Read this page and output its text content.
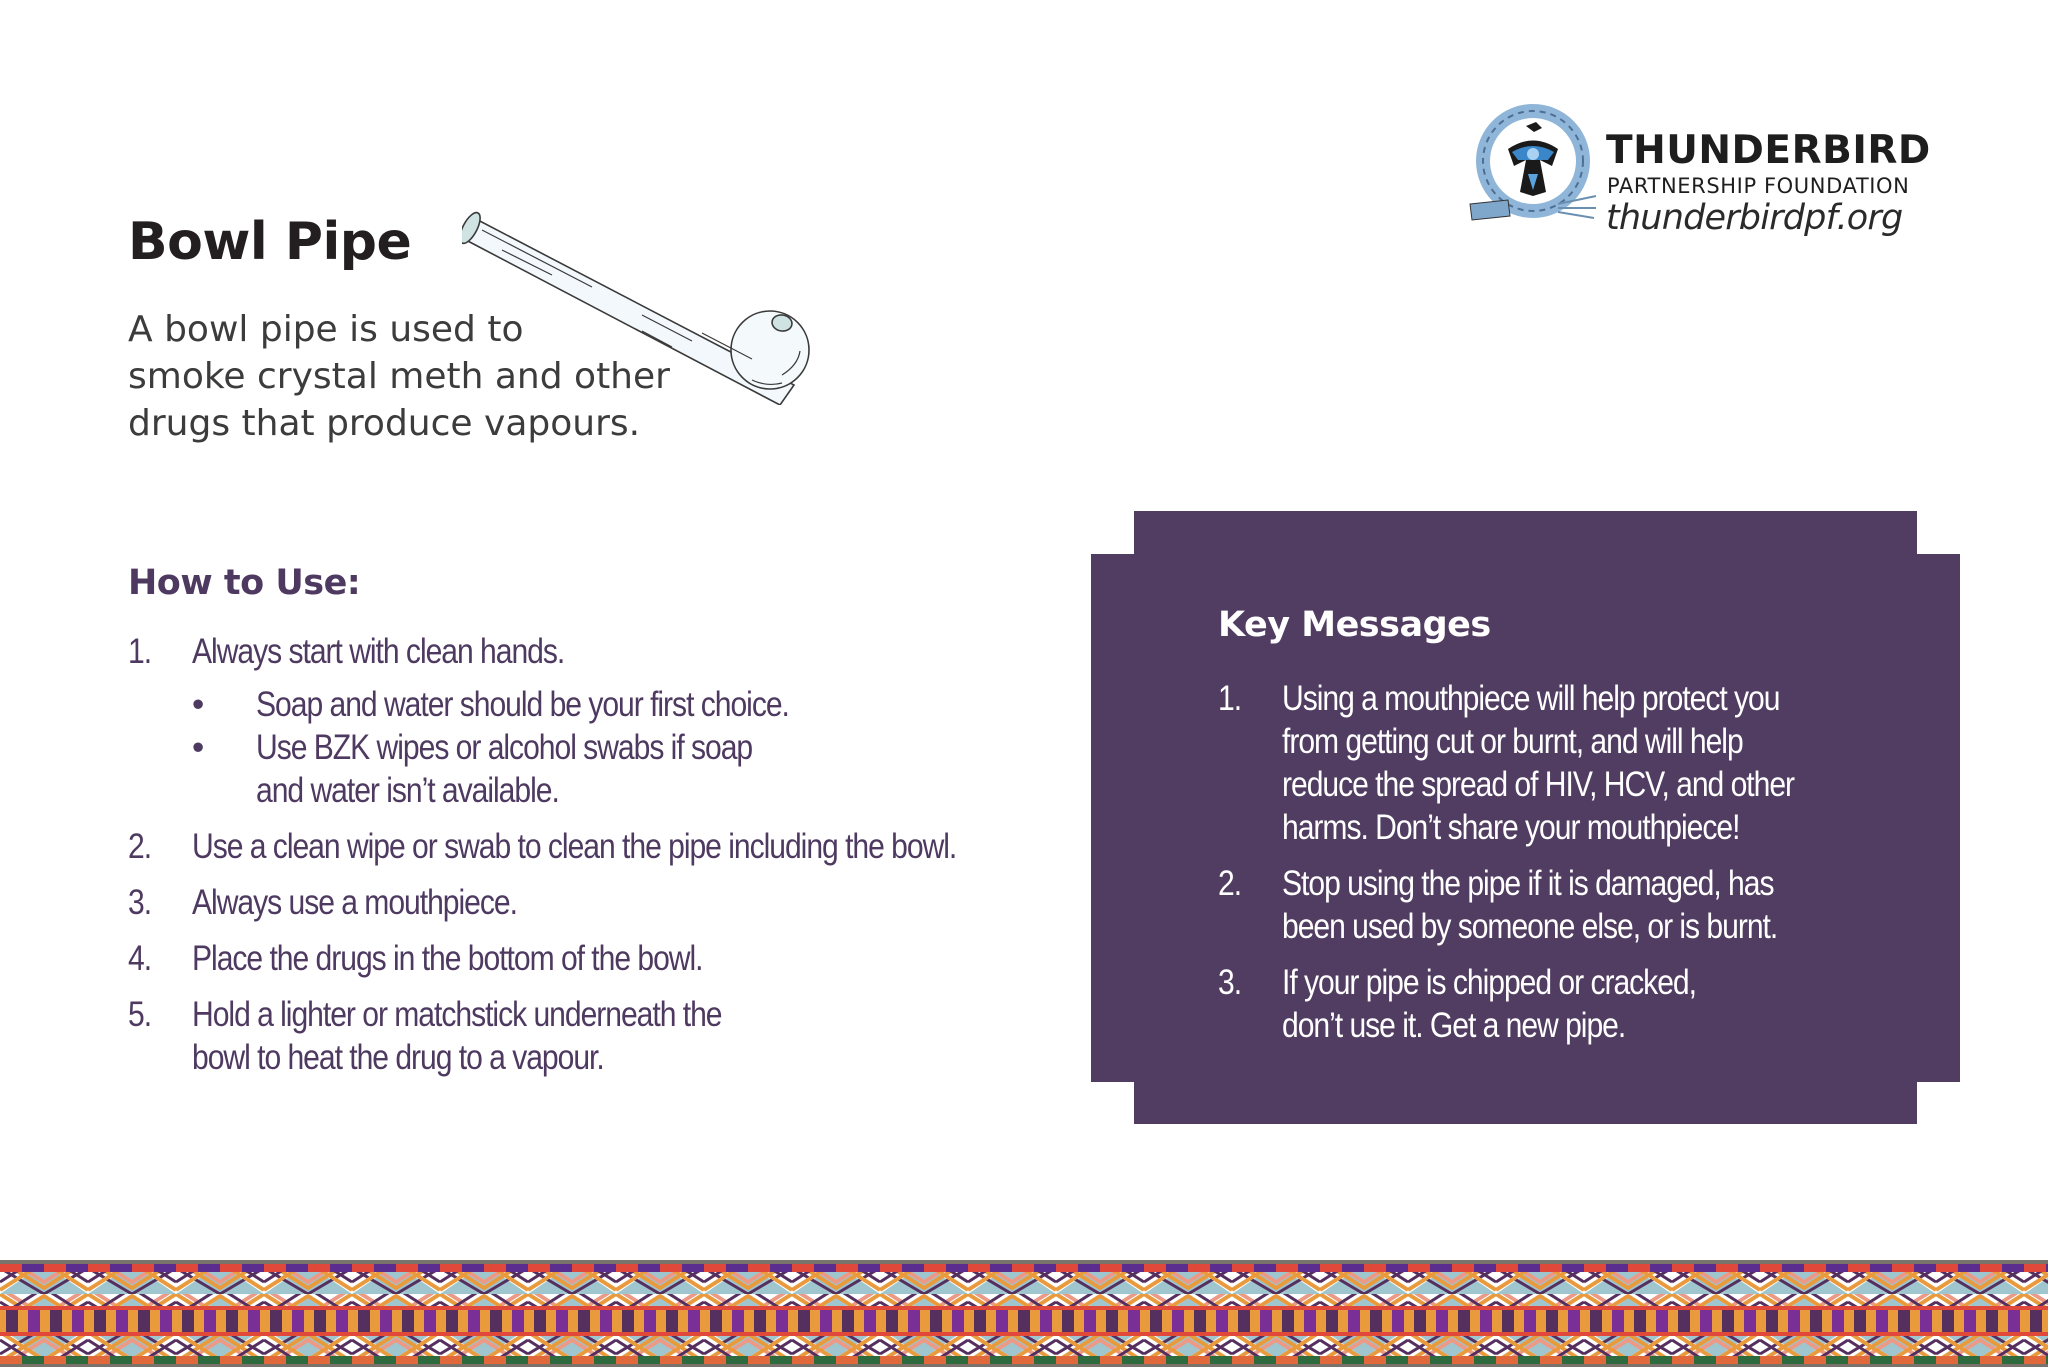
Bowl Pipe

A bowl pipe is used to
smoke crystal meth and other
drugs that produce vapours.

THUNDERBIRD
PARTNERSHIP FOUNDATION
thunderbirdpf.org
How to Use:
1. Always start with clean hands.
• Soap and water should be your first choice.
• Use BZK wipes or alcohol swabs if soap
and water isn’t available.
2. Use a clean wipe or swab to clean the pipe including the bowl.
3. Always use a mouthpiece.
4. Place the drugs in the bottom of the bowl.
5. Hold a lighter or matchstick underneath the
bowl to heat the drug to a vapour.
Key Messages
1. Using a mouthpiece will help protect you
from getting cut or burnt, and will help
reduce the spread of HIV, HCV, and other
harms. Don’t share your mouthpiece!
2. Stop using the pipe if it is damaged, has
been used by someone else, or is burnt.
3. If your pipe is chipped or cracked,
don’t use it. Get a new pipe.
